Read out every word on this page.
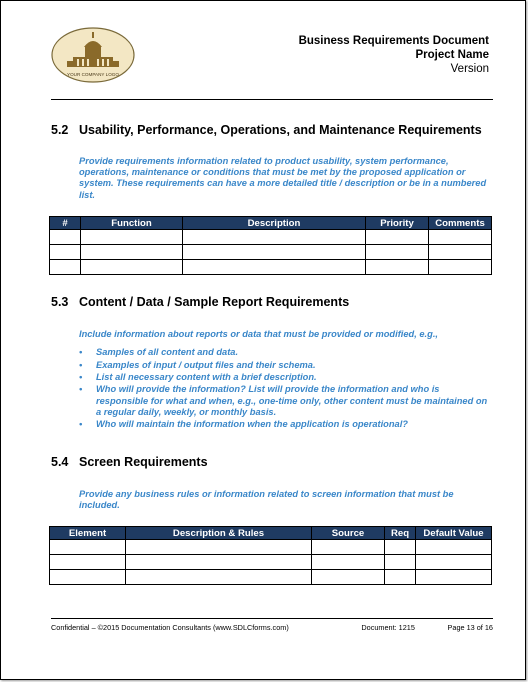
YOUR COMPANY LOGO
Business Requirements Document
Project Name
Version
5.2 Usability, Performance, Operations, and Maintenance Requirements
Provide requirements information related to product usability, system performance, operations, maintenance or conditions that must be met by the proposed application or system. These requirements can have a more detailed title / description or be in a numbered list.
#	Function	Description	Priority	Comments

5.3 Content / Data / Sample Report Requirements
Include information about reports or data that must be provided or modified, e.g.,
• Samples of all content and data.
• Examples of input / output files and their schema.
• List all necessary content with a brief description.
• Who will provide the information? List will provide the information and who is responsible for what and when, e.g., one-time only, other content must be maintained on a regular daily, weekly, or monthly basis.
• Who will maintain the information when the application is operational?
5.4 Screen Requirements
Provide any business rules or information related to screen information that must be included.
Element	Description & Rules	Source	Req	Default Value

Confidential – ©2015 Documentation Consultants (www.SDLCforms.com)	Document: 1215	Page 13 of 16
